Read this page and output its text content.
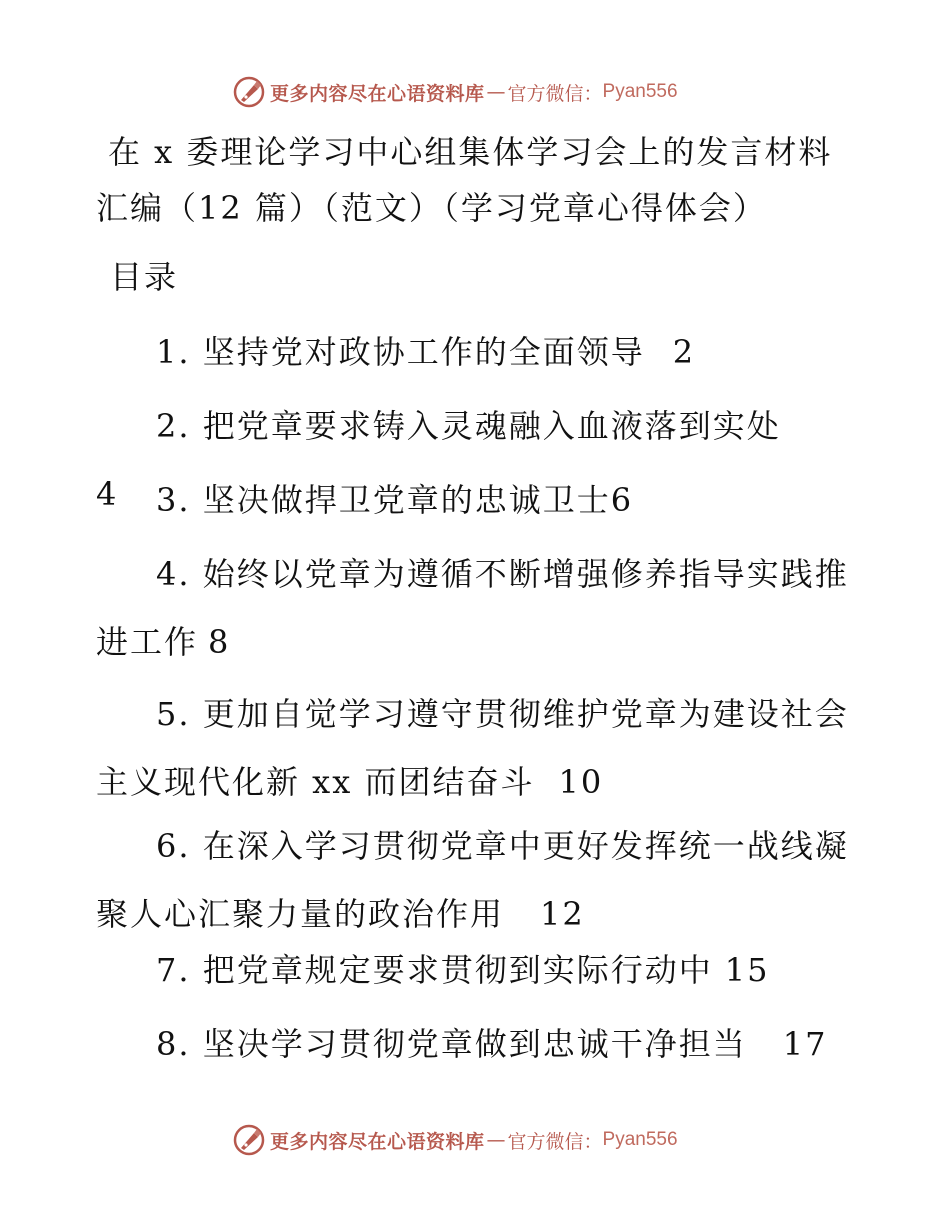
更多内容尽在心语资料库 — 官方微信： Pyan556
在 x 委理论学习中心组集体学习会上的发言材料
汇编（12 篇）（范文）（学习党章心得体会）
目录
1. 坚持党对政协工作的全面领导 2
2. 把党章要求铸入灵魂融入血液落到实处4	3. 坚决做捍卫党章的忠诚卫士6
4. 始终以党章为遵循不断增强修养指导实践推进工作 8
5. 更加自觉学习遵守贯彻维护党章为建设社会主义现代化新 xx 而团结奋斗 10
6. 在深入学习贯彻党章中更好发挥统一战线凝聚人心汇聚力量的政治作用 12
7. 把党章规定要求贯彻到实际行动中 15
8. 坚决学习贯彻党章做到忠诚干净担当 17
更多内容尽在心语资料库 — 官方微信： Pyan556
